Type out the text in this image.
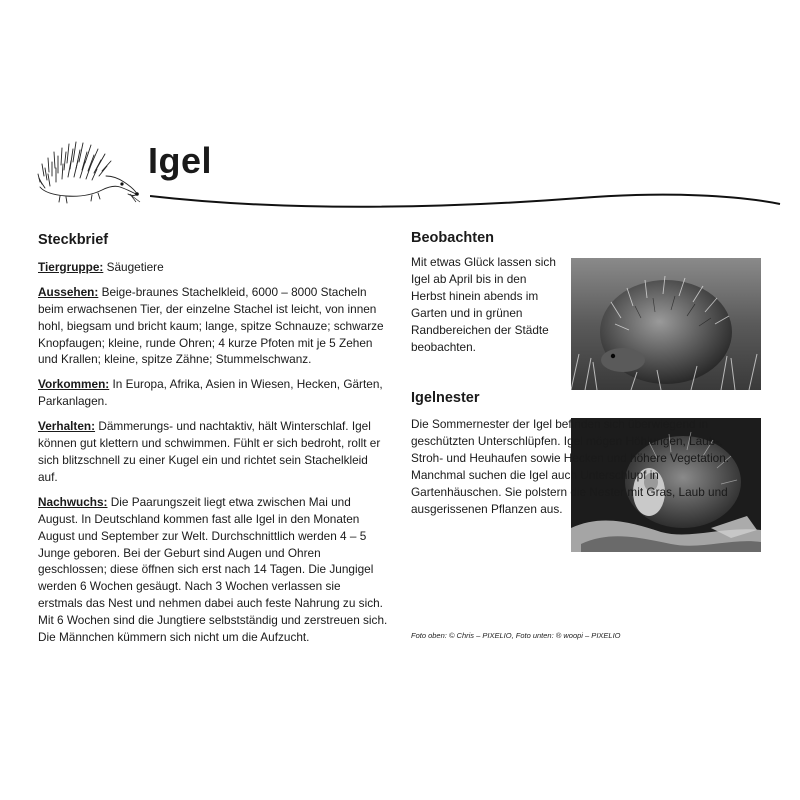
Igel
Steckbrief

Tiergruppe: Säugetiere

Aussehen: Beige-braunes Stachelkleid, 6000 – 8000 Stacheln beim erwachsenen Tier, der einzelne Stachel ist leicht, von innen hohl, biegsam und bricht kaum; lange, spitze Schnauze; schwarze Knopfaugen; kleine, runde Ohren; 4 kurze Pfoten mit je 5 Zehen und Krallen; kleine, spitze Zähne; Stummelschwanz.

Vorkommen: In Europa, Afrika, Asien in Wiesen, Hecken, Gärten, Parkanlagen.

Verhalten: Dämmerungs- und nachtaktiv, hält Winterschlaf. Igel können gut klettern und schwimmen. Fühlt er sich bedroht, rollt er sich blitzschnell zu einer Kugel ein und richtet sein Stachelkleid auf.

Nachwuchs: Die Paarungszeit liegt etwa zwischen Mai und August. In Deutschland kommen fast alle Igel in den Monaten August und September zur Welt. Durchschnittlich werden 4 – 5 Junge geboren. Bei der Geburt sind Augen und Ohren geschlossen; diese öffnen sich erst nach 14 Tagen. Die Jungigel werden 6 Wochen gesäugt. Nach 3 Wochen verlassen sie erstmals das Nest und nehmen dabei auch feste Nahrung zu sich. Mit 6 Wochen sind die Jungtiere selbstständig und zerstreuen sich. Die Männchen kümmern sich nicht um die Aufzucht.

Beobachten

Mit etwas Glück lassen sich Igel ab April bis in den Herbst hinein abends im Garten und in grünen Randbereichen der Städte beobachten.

Igelnester

Die Sommernester der Igel befinden sich überwiegend in geschützten Unterschlüpfen. Igel mögen Höhlungen, Laub-, Stroh- und Heuhaufen sowie Hecken und höhere Vegetation. Manchmal suchen die Igel auch Unterschlupf in Gartenhäuschen. Sie polstern die Nester mit Gras, Laub und ausgerissenen Pflanzen aus.

Foto oben: © Chris – PIXELIO, Foto unten: ® woopi – PIXELIO
